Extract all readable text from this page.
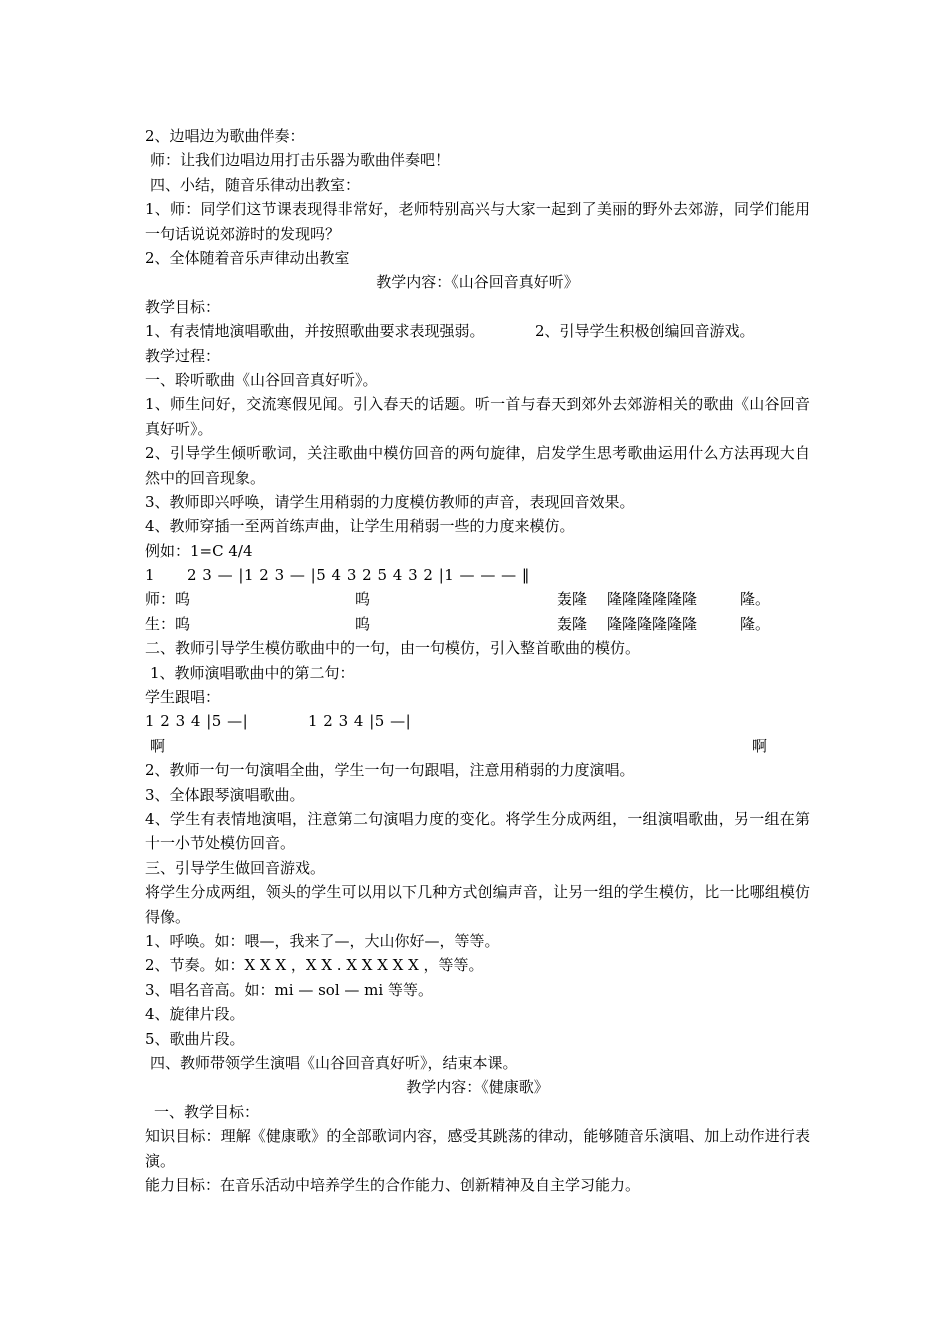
2、边唱边为歌曲伴奏：
师：让我们边唱边用打击乐器为歌曲伴奏吧！
四、小结，随音乐律动出教室：
1、师：同学们这节课表现得非常好，老师特别高兴与大家一起到了美丽的野外去郊游，同学们能用一句话说说郊游时的发现吗？
2、全体随着音乐声律动出教室
教学内容：《山谷回音真好听》
教学目标：
1、有表情地演唱歌曲，并按照歌曲要求表现强弱。	2、引导学生积极创编回音游戏。
教学过程：
一、聆听歌曲《山谷回音真好听》。
1、师生问好，交流寒假见闻。引入春天的话题。听一首与春天到郊外去郊游相关的歌曲《山谷回音真好听》。
2、引导学生倾听歌词，关注歌曲中模仿回音的两句旋律，启发学生思考歌曲运用什么方法再现大自然中的回音现象。
3、教师即兴呼唤，请学生用稍弱的力度模仿教师的声音，表现回音效果。
4、教师穿插一至两首练声曲，让学生用稍弱一些的力度来模仿。
例如：1=C 4/4
1	2 3 — |1 2 3 — |5 4 3 2 5 4 3 2 |1 — — — ‖
师：呜	呜	轰隆	隆隆隆隆隆隆	隆。
生：呜	呜	轰隆	隆隆隆隆隆隆	隆。
二、教师引导学生模仿歌曲中的一句，由一句模仿，引入整首歌曲的模仿。
1、教师演唱歌曲中的第二句：
学生跟唱：
1 2 3 4 |5 —|	1 2 3 4 |5 —|
啊	啊
2、教师一句一句演唱全曲，学生一句一句跟唱，注意用稍弱的力度演唱。
3、全体跟琴演唱歌曲。
4、学生有表情地演唱，注意第二句演唱力度的变化。将学生分成两组，一组演唱歌曲，另一组在第十一小节处模仿回音。
三、引导学生做回音游戏。
将学生分成两组，领头的学生可以用以下几种方式创编声音，让另一组的学生模仿，比一比哪组模仿得像。
1、呼唤。如：喂—，我来了—，大山你好—，等等。
2、节奏。如：X X X ，X X . X X X X X ，等等。
3、唱名音高。如：mi — sol — mi 等等。
4、旋律片段。
5、歌曲片段。
四、教师带领学生演唱《山谷回音真好听》，结束本课。
教学内容：《健康歌》
一、教学目标：
知识目标：理解《健康歌》的全部歌词内容，感受其跳荡的律动，能够随音乐演唱、加上动作进行表演。
能力目标：在音乐活动中培养学生的合作能力、创新精神及自主学习能力。
